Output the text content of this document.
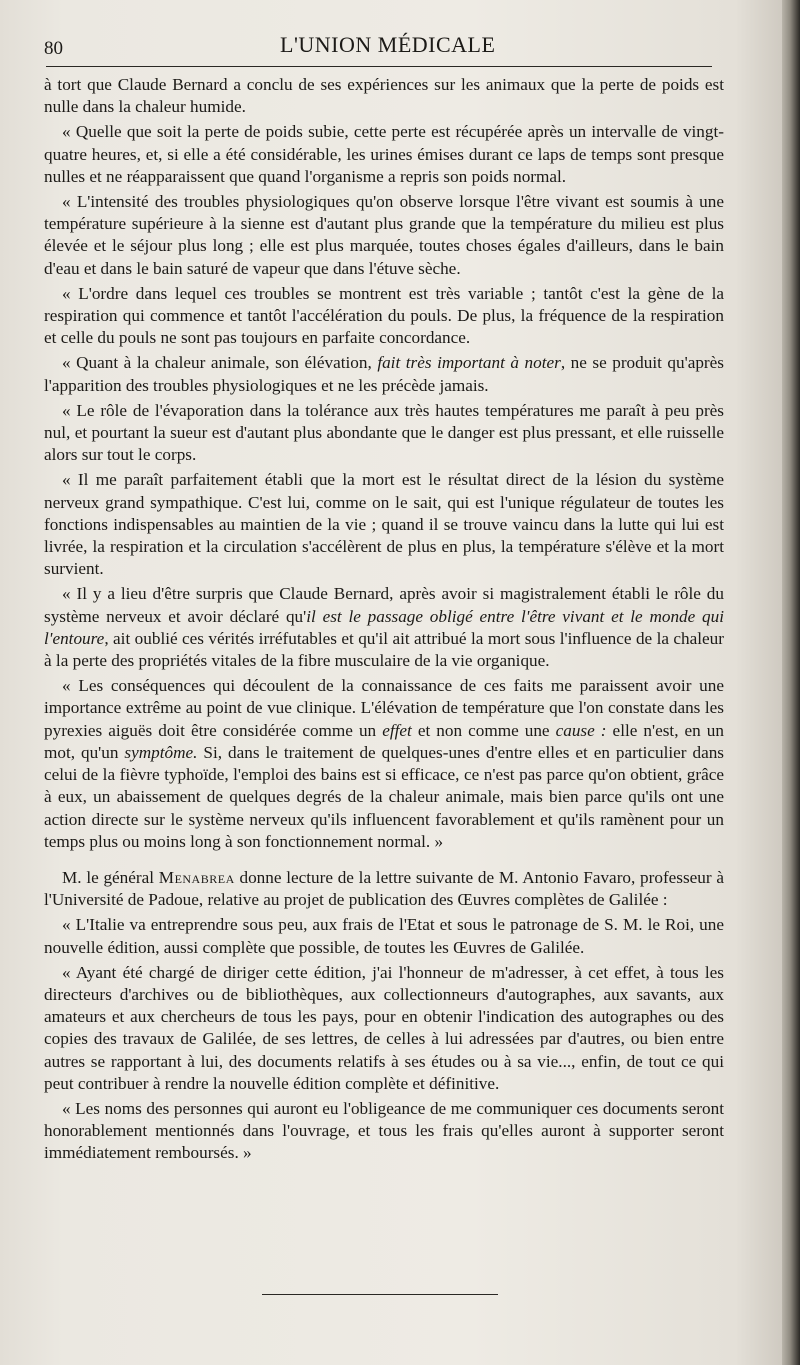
80	L'UNION MÉDICALE

à tort que Claude Bernard a conclu de ses expériences sur les animaux que la perte de poids est nulle dans la chaleur humide.

« Quelle que soit la perte de poids subie, cette perte est récupérée après un intervalle de vingt-quatre heures, et, si elle a été considérable, les urines émises durant ce laps de temps sont presque nulles et ne réapparaissent que quand l'organisme a repris son poids normal.

« L'intensité des troubles physiologiques qu'on observe lorsque l'être vivant est soumis à une température supérieure à la sienne est d'autant plus grande que la température du milieu est plus élevée et le séjour plus long ; elle est plus marquée, toutes choses égales d'ailleurs, dans le bain d'eau et dans le bain saturé de vapeur que dans l'étuve sèche.

« L'ordre dans lequel ces troubles se montrent est très variable ; tantôt c'est la gène de la respiration qui commence et tantôt l'accélération du pouls. De plus, la fréquence de la respiration et celle du pouls ne sont pas toujours en parfaite concordance.

« Quant à la chaleur animale, son élévation, fait très important à noter, ne se produit qu'après l'apparition des troubles physiologiques et ne les précède jamais.

« Le rôle de l'évaporation dans la tolérance aux très hautes températures me paraît à peu près nul, et pourtant la sueur est d'autant plus abondante que le danger est plus pressant, et elle ruisselle alors sur tout le corps.

« Il me paraît parfaitement établi que la mort est le résultat direct de la lésion du système nerveux grand sympathique. C'est lui, comme on le sait, qui est l'unique régulateur de toutes les fonctions indispensables au maintien de la vie ; quand il se trouve vaincu dans la lutte qui lui est livrée, la respiration et la circulation s'accélèrent de plus en plus, la température s'élève et la mort survient.

« Il y a lieu d'être surpris que Claude Bernard, après avoir si magistralement établi le rôle du système nerveux et avoir déclaré qu'il est le passage obligé entre l'être vivant et le monde qui l'entoure, ait oublié ces vérités irréfutables et qu'il ait attribué la mort sous l'influence de la chaleur à la perte des propriétés vitales de la fibre musculaire de la vie organique.

« Les conséquences qui découlent de la connaissance de ces faits me paraissent avoir une importance extrême au point de vue clinique. L'élévation de température que l'on constate dans les pyrexies aiguës doit être considérée comme un effet et non comme une cause : elle n'est, en un mot, qu'un symptôme. Si, dans le traitement de quelques-unes d'entre elles et en particulier dans celui de la fièvre typhoïde, l'emploi des bains est si efficace, ce n'est pas parce qu'on obtient, grâce à eux, un abaissement de quelques degrés de la chaleur animale, mais bien parce qu'ils ont une action directe sur le système nerveux qu'ils influencent favorablement et qu'ils ramènent pour un temps plus ou moins long à son fonctionnement normal. »

M. le général Menabrea donne lecture de la lettre suivante de M. Antonio Favaro, professeur à l'Université de Padoue, relative au projet de publication des Œuvres complètes de Galilée :

« L'Italie va entreprendre sous peu, aux frais de l'Etat et sous le patronage de S. M. le Roi, une nouvelle édition, aussi complète que possible, de toutes les Œuvres de Galilée.

« Ayant été chargé de diriger cette édition, j'ai l'honneur de m'adresser, à cet effet, à tous les directeurs d'archives ou de bibliothèques, aux collectionneurs d'autographes, aux savants, aux amateurs et aux chercheurs de tous les pays, pour en obtenir l'indication des autographes ou des copies des travaux de Galilée, de ses lettres, de celles à lui adressées par d'autres, ou bien entre autres se rapportant à lui, des documents relatifs à ses études ou à sa vie..., enfin, de tout ce qui peut contribuer à rendre la nouvelle édition complète et définitive.

« Les noms des personnes qui auront eu l'obligeance de me communiquer ces documents seront honorablement mentionnés dans l'ouvrage, et tous les frais qu'elles auront à supporter seront immédiatement remboursés. »
